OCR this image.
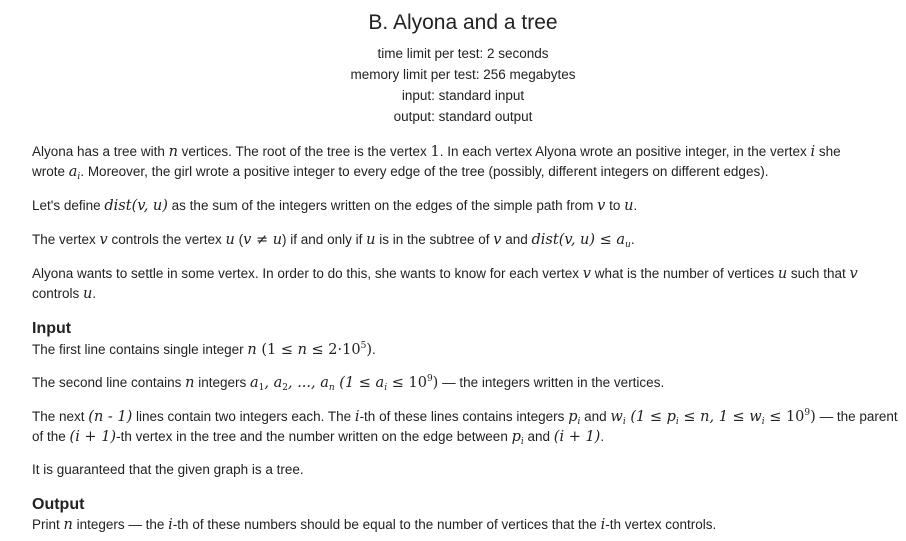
B. Alyona and a tree
time limit per test: 2 seconds
memory limit per test: 256 megabytes
input: standard input
output: standard output
Alyona has a tree with n vertices. The root of the tree is the vertex 1. In each vertex Alyona wrote an positive integer, in the vertex i she
wrote $a_i$. Moreover, the girl wrote a positive integer to every edge of the tree (possibly, different integers on different edges).
Let's define dist(v, u) as the sum of the integers written on the edges of the simple path from v to u.
The vertex v controls the vertex u (v ≠ u) if and only if u is in the subtree of v and dist(v, $u) \le a_u$.
Alyona wants to settle in some vertex. In order to do this, she wants to know for each vertex v what is the number of vertices u such that v
controls u.
Input
The first line contains single integer n $(1 \le n \le 2\cdot 10^5)$.
The second line contains n integers $a_1$, $a_2$, ..., $a_n$ $(1 \le a_i \le 10^9)$ — the integers written in the vertices.
The next (n - 1) lines contain two integers each. The i-th of these lines contains integers $p_i$ and $w_i$ ($1 \le p_i \le n$, $1 \le w_i \le 10^9$) — the parent
of the (i + 1)-th vertex in the tree and the number written on the edge between $p_i$ and (i + 1).
It is guaranteed that the given graph is a tree.
Output
Print n integers — the i-th of these numbers should be equal to the number of vertices that the i-th vertex controls.
